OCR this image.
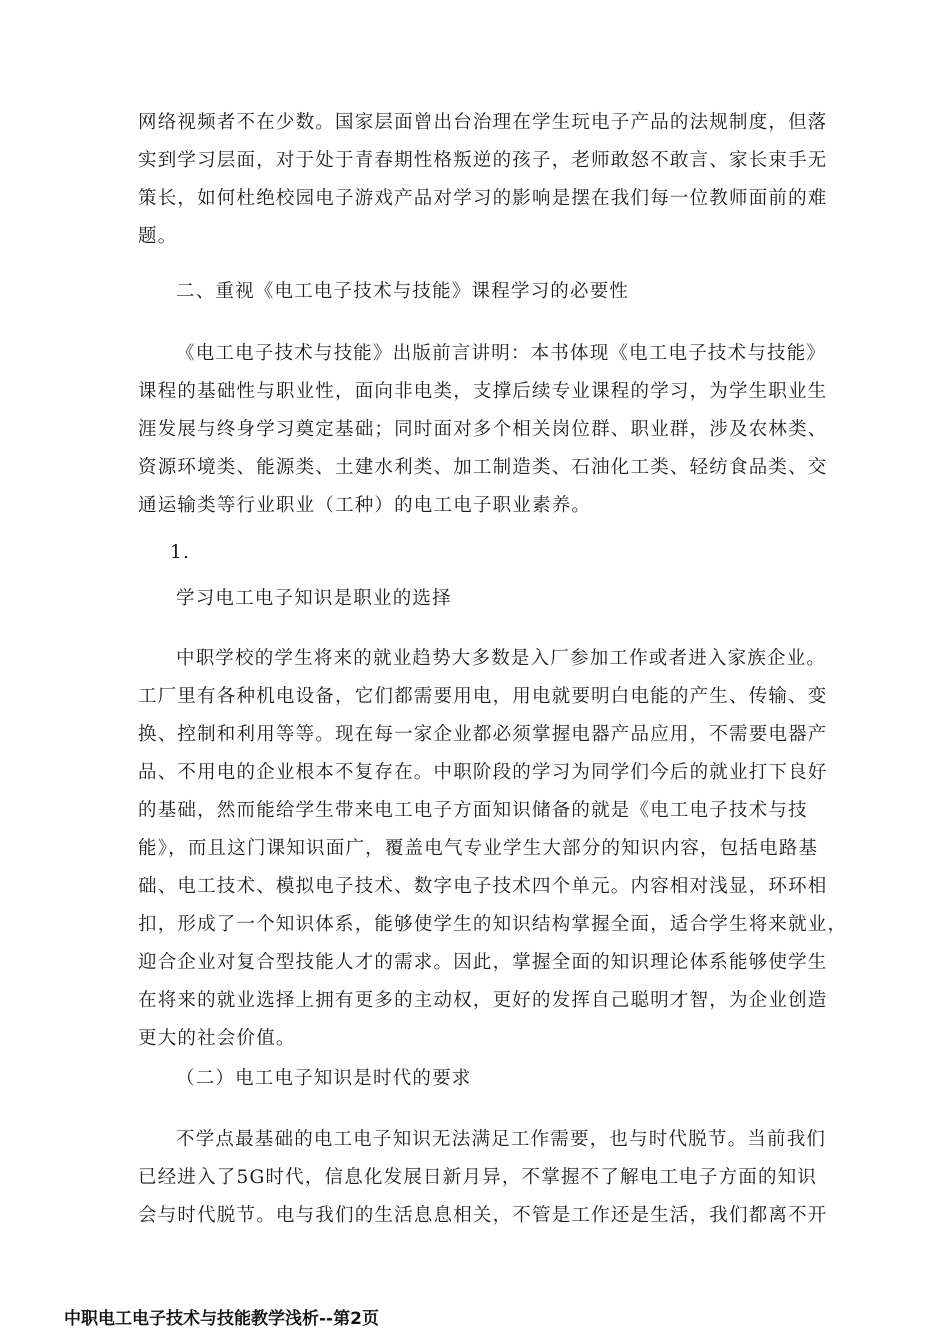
网络视频者不在少数。国家层面曾出台治理在学生玩电子产品的法规制度，但落
实到学习层面，对于处于青春期性格叛逆的孩子，老师敢怒不敢言、家长束手无
策长，如何杜绝校园电子游戏产品对学习的影响是摆在我们每一位教师面前的难
题。

二、重视《电工电子技术与技能》课程学习的必要性

《电工电子技术与技能》出版前言讲明：本书体现《电工电子技术与技能》
课程的基础性与职业性，面向非电类，支撑后续专业课程的学习，为学生职业生
涯发展与终身学习奠定基础；同时面对多个相关岗位群、职业群，涉及农林类、
资源环境类、能源类、土建水利类、加工制造类、石油化工类、轻纺食品类、交
通运输类等行业职业（工种）的电工电子职业素养。

1.

学习电工电子知识是职业的选择

中职学校的学生将来的就业趋势大多数是入厂参加工作或者进入家族企业。
工厂里有各种机电设备，它们都需要用电，用电就要明白电能的产生、传输、变
换、控制和利用等等。现在每一家企业都必须掌握电器产品应用，不需要电器产
品、不用电的企业根本不复存在。中职阶段的学习为同学们今后的就业打下良好
的基础，然而能给学生带来电工电子方面知识储备的就是《电工电子技术与技
能》，而且这门课知识面广，覆盖电气专业学生大部分的知识内容，包括电路基
础、电工技术、模拟电子技术、数字电子技术四个单元。内容相对浅显，环环相
扣，形成了一个知识体系，能够使学生的知识结构掌握全面，适合学生将来就业，
迎合企业对复合型技能人才的需求。因此，掌握全面的知识理论体系能够使学生
在将来的就业选择上拥有更多的主动权，更好的发挥自己聪明才智，为企业创造
更大的社会价值。

（二）电工电子知识是时代的要求

不学点最基础的电工电子知识无法满足工作需要，也与时代脱节。当前我们
已经进入了5G时代，信息化发展日新月异，不掌握不了解电工电子方面的知识
会与时代脱节。电与我们的生活息息相关，不管是工作还是生活，我们都离不开

中职电工电子技术与技能教学浅析--第2页
